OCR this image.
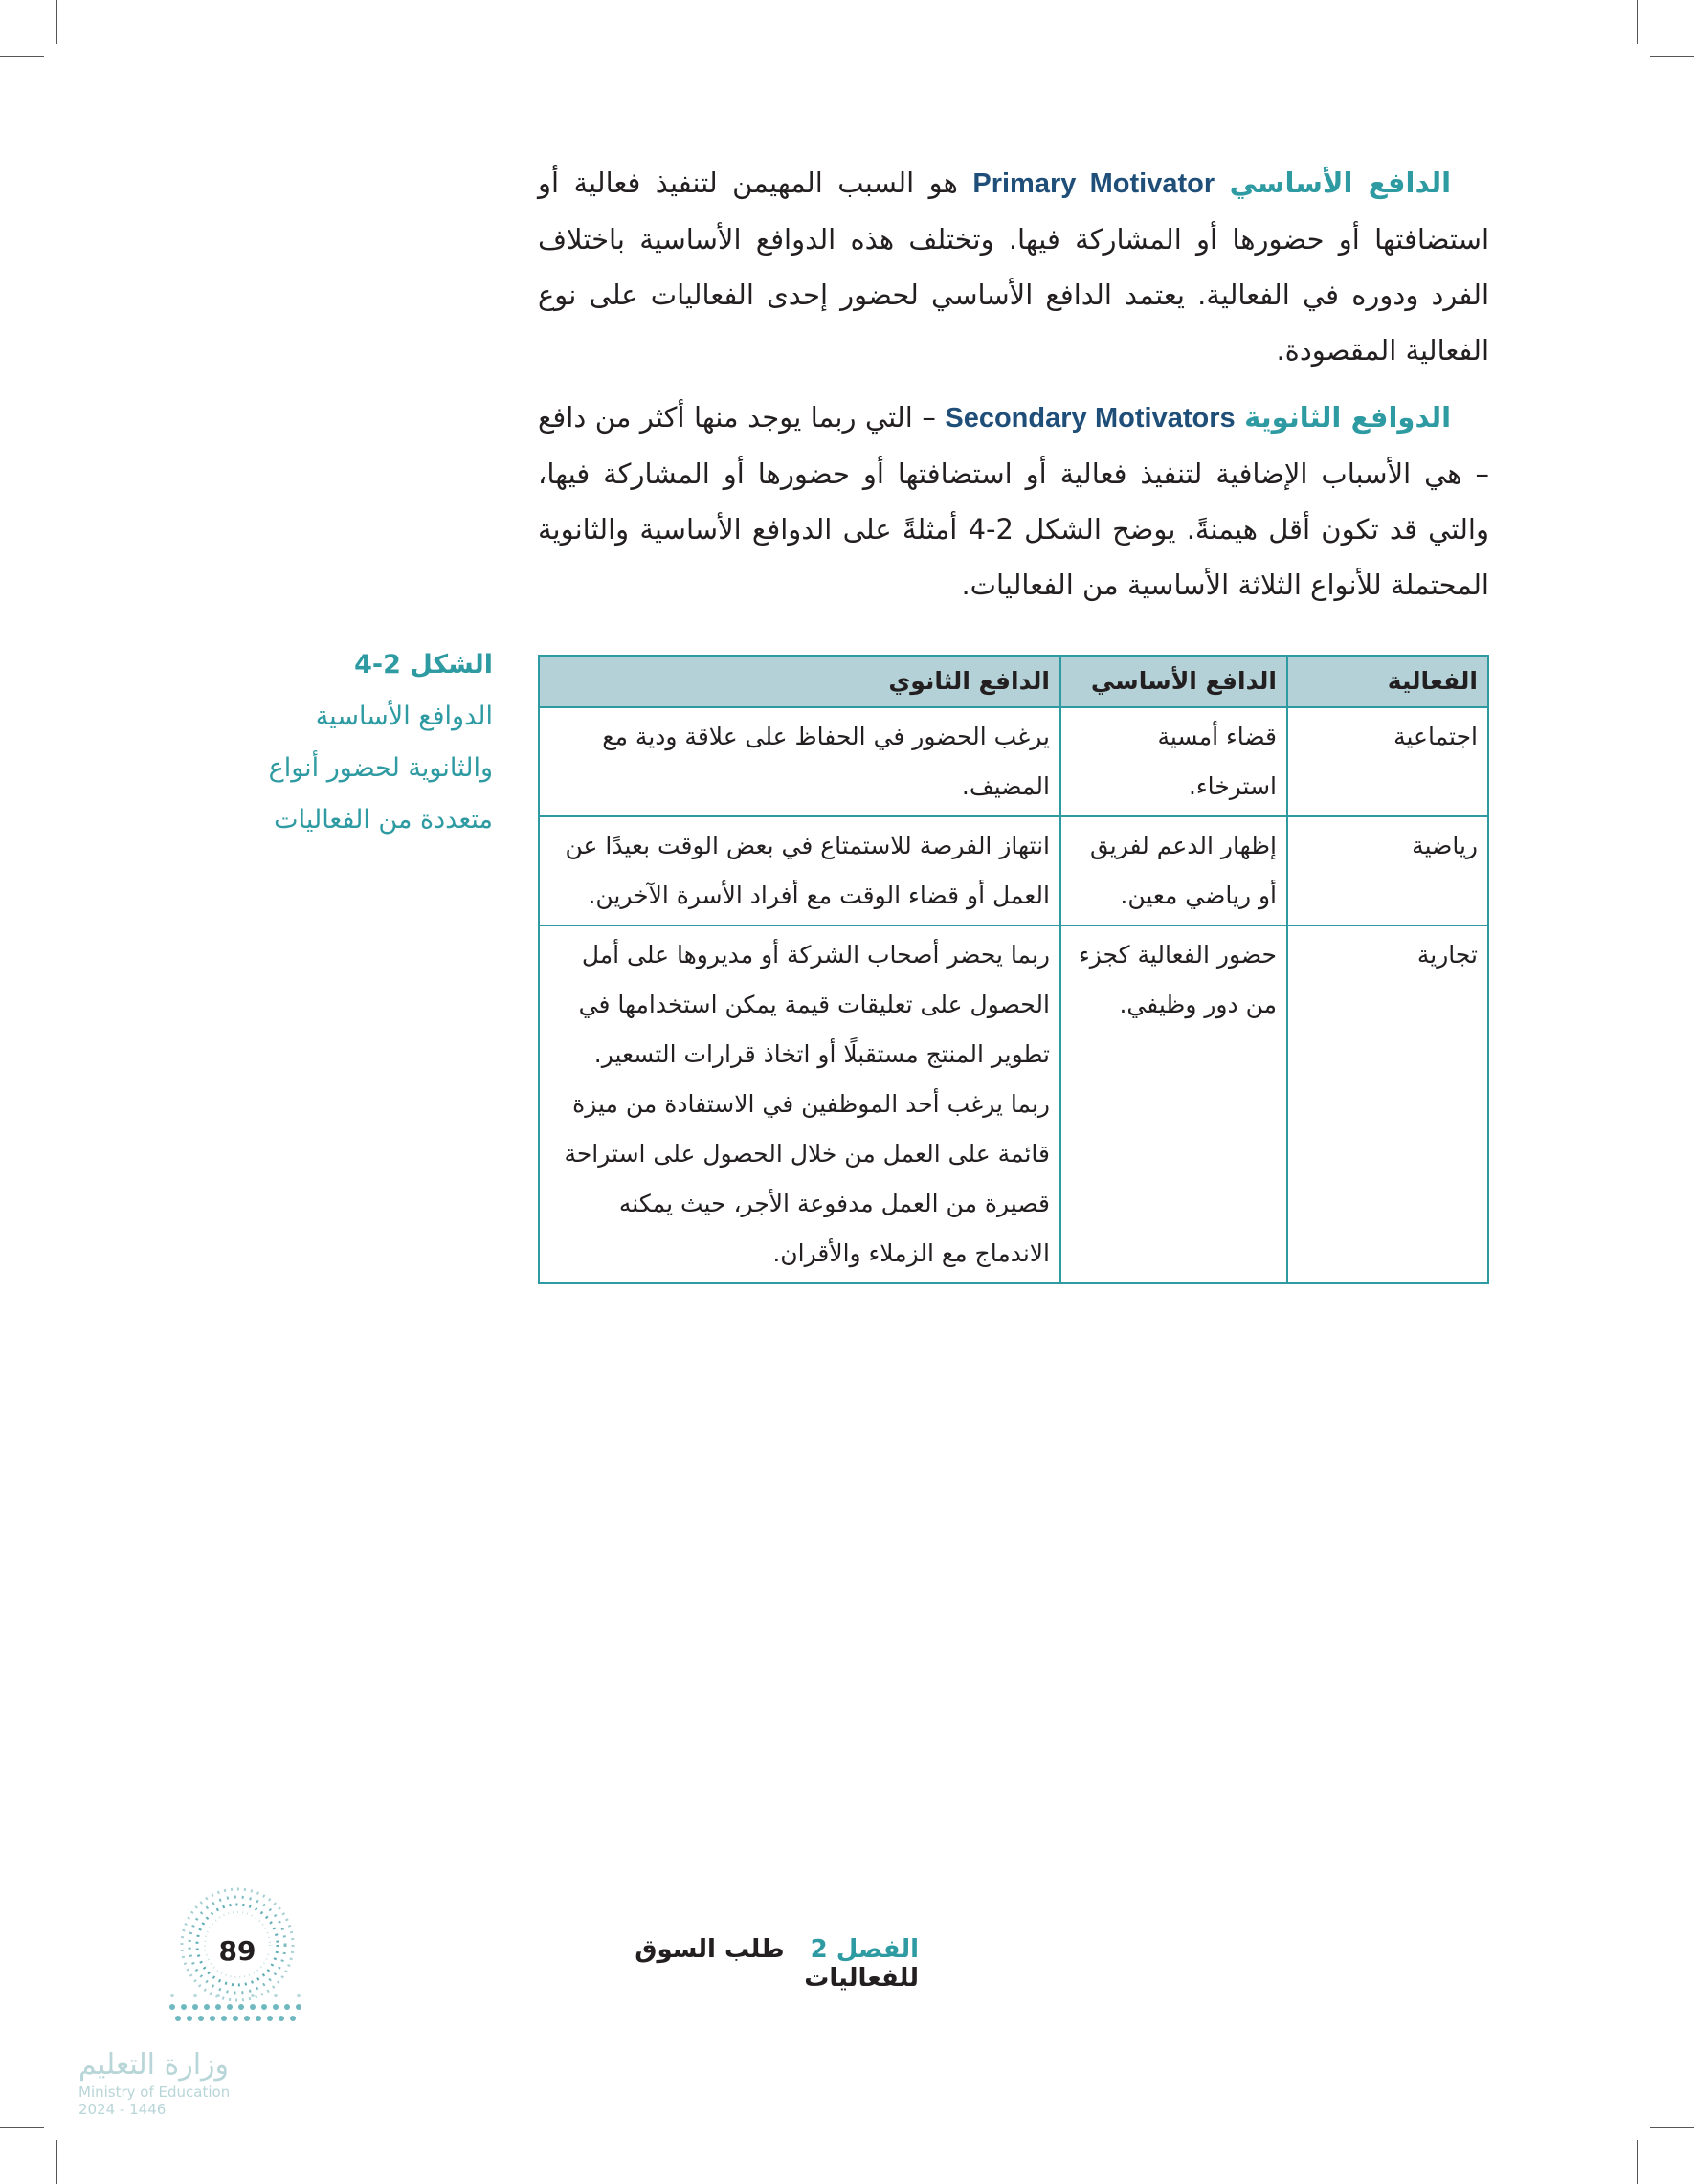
الدافع الأساسي Primary Motivator هو السبب المهيمن لتنفيذ فعالية أو استضافتها أو حضورها أو المشاركة فيها. وتختلف هذه الدوافع الأساسية باختلاف الفرد ودوره في الفعالية. يعتمد الدافع الأساسي لحضور إحدى الفعاليات على نوع الفعالية المقصودة.

الدوافع الثانوية Secondary Motivators – التي ربما يوجد منها أكثر من دافع – هي الأسباب الإضافية لتنفيذ فعالية أو استضافتها أو حضورها أو المشاركة فيها، والتي قد تكون أقل هيمنةً. يوضح الشكل 2-4 أمثلةً على الدوافع الأساسية والثانوية المحتملة للأنواع الثلاثة الأساسية من الفعاليات.

الشكل 2-4
الدوافع الأساسية
والثانوية لحضور أنواع
متعددة من الفعاليات
الفعالية	الدافع الأساسي	الدافع الثانوي
اجتماعية	قضاء أمسية استرخاء.	يرغب الحضور في الحفاظ على علاقة ودية مع المضيف.
رياضية	إظهار الدعم لفريق أو رياضي معين.	انتهاز الفرصة للاستمتاع في بعض الوقت بعيدًا عن العمل أو قضاء الوقت مع أفراد الأسرة الآخرين.
تجارية	حضور الفعالية كجزء من دور وظيفي.	ربما يحضر أصحاب الشركة أو مديروها على أمل الحصول على تعليقات قيمة يمكن استخدامها في تطوير المنتج مستقبلًا أو اتخاذ قرارات التسعير. ربما يرغب أحد الموظفين في الاستفادة من ميزة قائمة على العمل من خلال الحصول على استراحة قصيرة من العمل مدفوعة الأجر، حيث يمكنه الاندماج مع الزملاء والأقران.
الفصل 2 طلب السوق للفعاليات
89
وزارة التعليم
Ministry of Education
2024 - 1446
